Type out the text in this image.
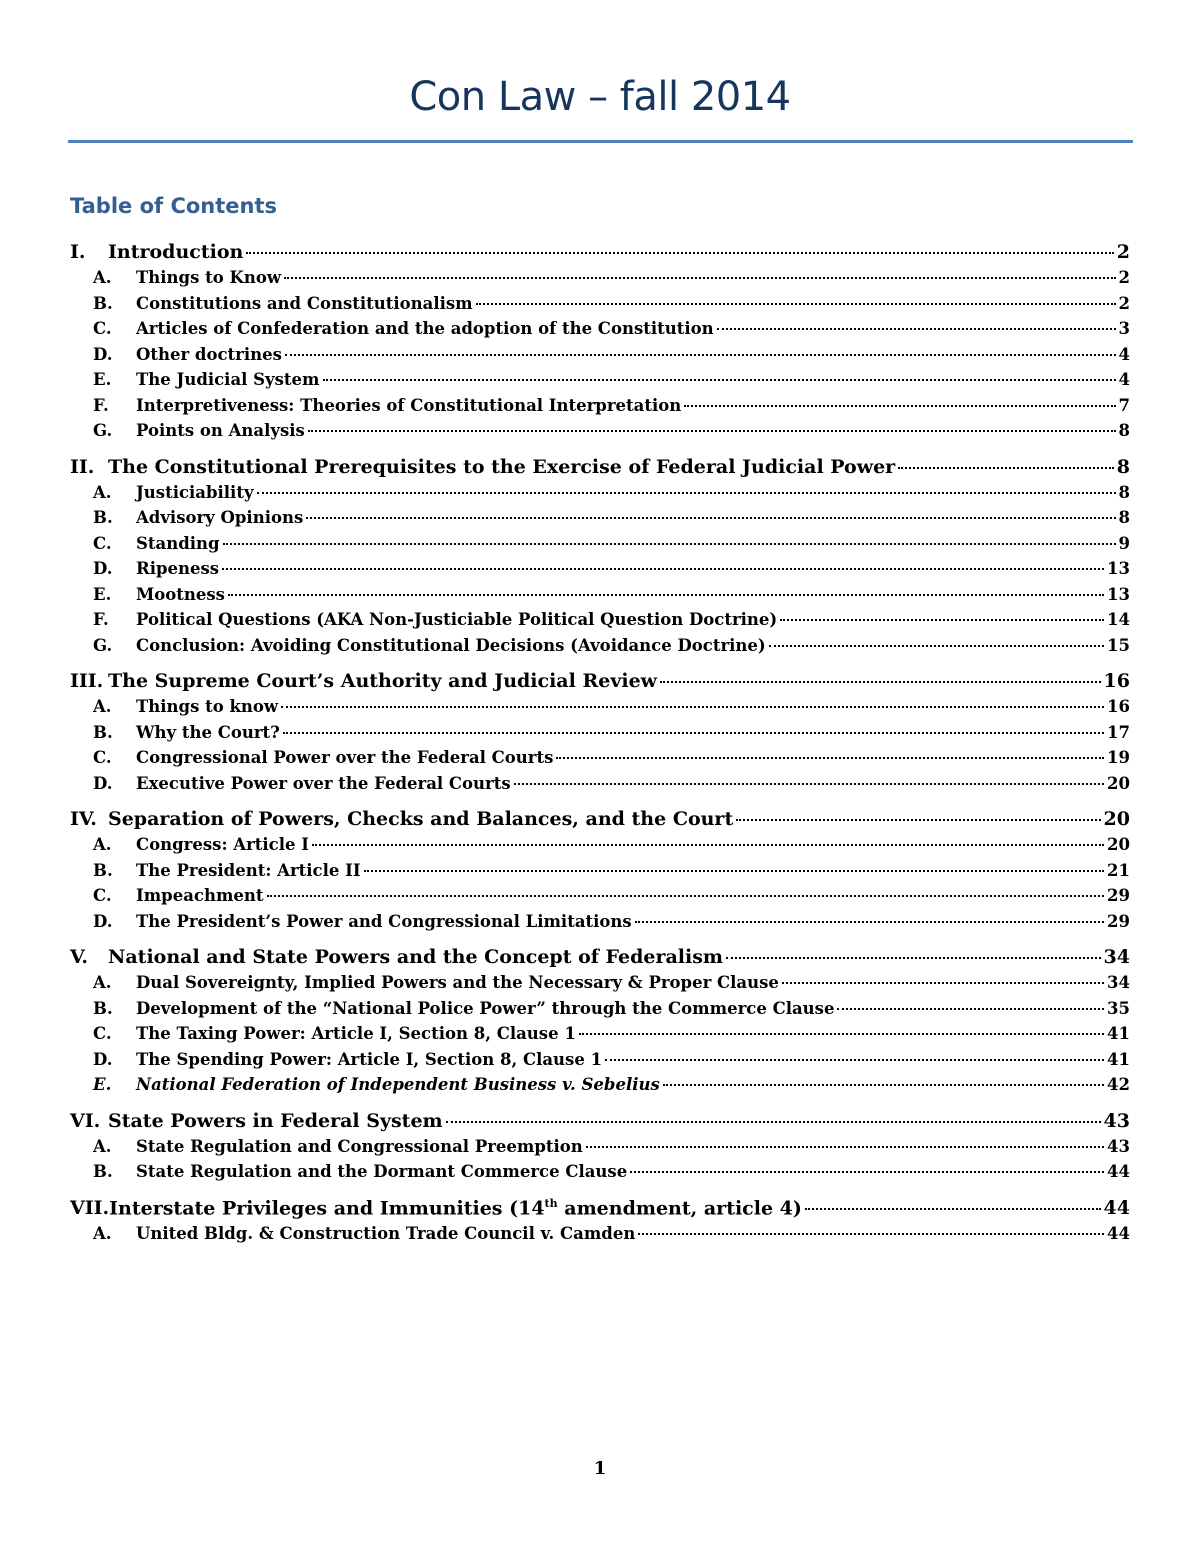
Con Law – fall 2014
Table of Contents
I.	Introduction	2
A.	Things to Know	2
B.	Constitutions and Constitutionalism	2
C.	Articles of Confederation and the adoption of the Constitution	3
D.	Other doctrines	4
E.	The Judicial System	4
F.	Interpretiveness: Theories of Constitutional Interpretation	7
G.	Points on Analysis	8
II. The Constitutional Prerequisites to the Exercise of Federal Judicial Power	8
A.	Justiciability	8
B.	Advisory Opinions	8
C.	Standing	9
D.	Ripeness	13
E.	Mootness	13
F.	Political Questions (AKA Non-Justiciable Political Question Doctrine)	14
G.	Conclusion: Avoiding Constitutional Decisions (Avoidance Doctrine)	15
III. The Supreme Court’s Authority and Judicial Review	16
A.	Things to know	16
B.	Why the Court?	17
C.	Congressional Power over the Federal Courts	19
D.	Executive Power over the Federal Courts	20
IV. Separation of Powers, Checks and Balances, and the Court	20
A.	Congress: Article I	20
B.	The President: Article II	21
C.	Impeachment	29
D.	The President’s Power and Congressional Limitations	29
V.	National and State Powers and the Concept of Federalism	34
A.	Dual Sovereignty, Implied Powers and the Necessary & Proper Clause	34
B.	Development of the “National Police Power” through the Commerce Clause	35
C.	The Taxing Power: Article I, Section 8, Clause 1	41
D.	The Spending Power: Article I, Section 8, Clause 1	41
E.	National Federation of Independent Business v. Sebelius	42
VI. State Powers in Federal System	43
A.	State Regulation and Congressional Preemption	43
B.	State Regulation and the Dormant Commerce Clause	44
VII. Interstate Privileges and Immunities (14th amendment, article 4)	44
A.	United Bldg. & Construction Trade Council v. Camden	44
1
